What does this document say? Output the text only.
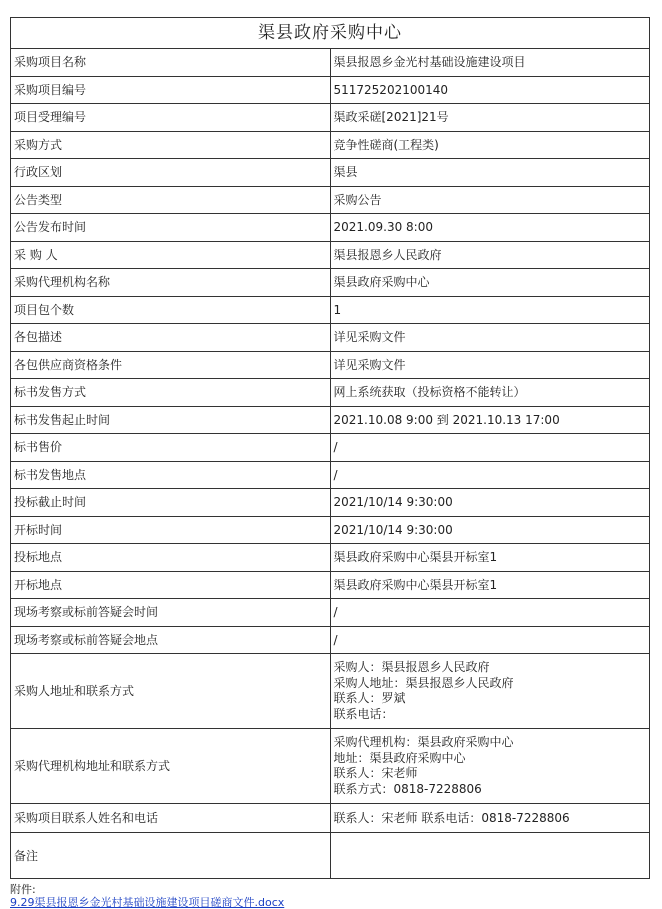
渠县政府采购中心	
采购项目名称	渠县报恩乡金光村基础设施建设项目
采购项目编号	511725202100140
项目受理编号	渠政采磋[2021]21号
采购方式	竞争性磋商(工程类)
行政区划	渠县
公告类型	采购公告
公告发布时间	2021.09.30 8:00
采 购 人	渠县报恩乡人民政府
采购代理机构名称	渠县政府采购中心
项目包个数	1
各包描述	详见采购文件
各包供应商资格条件	详见采购文件
标书发售方式	网上系统获取（投标资格不能转让）
标书发售起止时间	2021.10.08 9:00 到 2021.10.13 17:00
标书售价	/
标书发售地点	/
投标截止时间	2021/10/14 9:30:00
开标时间	2021/10/14 9:30:00
投标地点	渠县政府采购中心渠县开标室1
开标地点	渠县政府采购中心渠县开标室1
现场考察或标前答疑会时间	/
现场考察或标前答疑会地点	/
采购人地址和联系方式	采购人：渠县报恩乡人民政府
采购人地址：渠县报恩乡人民政府
联系人：罗斌
联系电话：

采购代理机构地址和联系方式	采购代理机构：渠县政府采购中心
地址：渠县政府采购中心
联系人：宋老师
联系方式：0818-7228806

采购项目联系人姓名和电话	联系人：宋老师 联系电话：0818-7228806
备注	
附件:
9.29渠县报恩乡金光村基础设施建设项目磋商文件.docx
